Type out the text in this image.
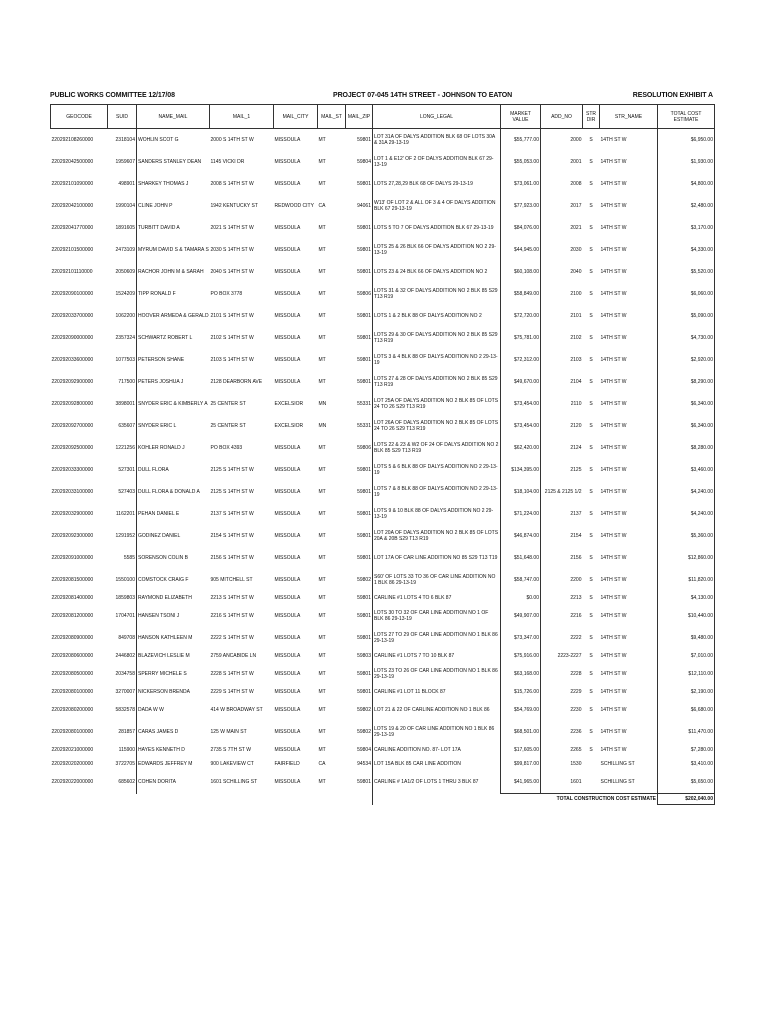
PUBLIC WORKS COMMITTEE 12/17/08	PROJECT 07-045 14TH STREET - JOHNSON TO EATON	RESOLUTION EXHIBIT A
GEOCODE	SUID	NAME_MAIL	MAIL_1	MAIL_CITY	MAIL_ST	MAIL_ZIP	LONG_LEGAL	MARKET VALUE	ADD_NO	STR DIR	STR_NAME	TOTAL COST ESTIMATE
220292108260000	2318104	WOHLIN SCOT G	2000 S 14TH ST W	MISSOULA	MT	59801	LOT 31A OF DALYS ADDITION BLK 68 OF LOTS 30A & 31A 29-13-19	$55,777.00	2000	S	14TH ST W	$6,950.00
220292042500000	1959607	SANDERS STANLEY DEAN	1145 VICKI DR	MISSOULA	MT	59804	LOT 1 & E12' OF 2 OF DALYS ADDITION BLK 67 29-13-19	$55,053.00	2001	S	14TH ST W	$1,930.00
220292101090000	498901	SHARKEY THOMAS J	2008 S 14TH ST W	MISSOULA	MT	59801	LOTS 27,28,29 BLK 68 OF DALYS 29-13-19	$73,061.00	2008	S	14TH ST W	$4,800.00
220292042100000	1990104	CLINE JOHN P	1942 KENTUCKY ST	REDWOOD CITY	CA	94061	W13' OF LOT 2 & ALL OF 3 & 4 OF DALYS ADDITION BLK 67 29-13-19	$77,923.00	2017	S	14TH ST W	$2,480.00
220292041770000	1891605	TURBITT DAVID A	2021 S 14TH ST W	MISSOULA	MT	59801	LOTS 5 TO 7 OF DALYS ADDITION BLK 67 29-13-19	$84,076.00	2021	S	14TH ST W	$3,170.00
220292101500000	2473109	MYRUM DAVID S & TAMARA S	2030 S 14TH ST W	MISSOULA	MT	59801	LOTS 25 & 26 BLK 66 OF DALYS ADDITION NO 2 29-13-19	$44,945.00	2030	S	14TH ST W	$4,330.00
220292101110000	2050609	RACHOR JOHN M & SARAH	2040 S 14TH ST W	MISSOULA	MT	59801	LOTS 23 & 24 BLK 66 OF DALYS ADDITION NO 2	$60,108.00	2040	S	14TH ST W	$5,520.00
220292090100000	1524209	TIPP RONALD F	PO BOX 3778	MISSOULA	MT	59806	LOTS 31 & 32 OF DALYS ADDITION NO 2 BLK 85 S29 T13 R19	$58,849.00	2100	S	14TH ST W	$6,060.00
220292033700000	1062200	HOOVER ARMEDA & GERALD	2101 S 14TH ST W	MISSOULA	MT	59801	LOTS 1 & 2 BLK 88 OF DALYS ADDITION NO 2	$72,720.00	2101	S	14TH ST W	$5,090.00
220292090000000	2357324	SCHWARTZ ROBERT L	2102 S 14TH ST W	MISSOULA	MT	59801	LOTS 29 & 30 OF DALYS ADDITION NO 2 BLK 85 S29 T13 R19	$75,781.00	2102	S	14TH ST W	$4,730.00
220292033600000	1077503	PETERSON SHANE	2103 S 14TH ST W	MISSOULA	MT	59801	LOTS 3 & 4 BLK 88 OF DALYS ADDITION NO 2 29-13-19	$72,312.00	2103	S	14TH ST W	$2,920.00
220292092900000	717500	PETERS JOSHUA J	2128 DEARBORN AVE	MISSOULA	MT	59801	LOTS 27 & 28 OF DALYS ADDITION NO 2 BLK 85 S29 T13 R19	$49,670.00	2104	S	14TH ST W	$8,290.00
220292092800000	3898001	SNYDER ERIC & KIMBERLY A	25 CENTER ST	EXCELSIOR	MN	55331	LOT 25A OF DALYS ADDITION NO 2 BLK 85 OF LOTS 24 TO 26 S29 T13 R19	$73,454.00	2110	S	14TH ST W	$6,340.00
220292092700000	635607	SNYDER ERIC L	25 CENTER ST	EXCELSIOR	MN	55331	LOT 26A OF DALYS ADDITION NO 2 BLK 85 OF LOTS 24 TO 26 S29 T13 R19	$73,454.00	2120	S	14TH ST W	$6,340.00
220292092500000	1221256	KOHLER RONALD J	PO BOX 4393	MISSOULA	MT	59806	LOTS 22 & 23 & W2 OF 24 OF DALYS ADDITION NO 2 BLK 85 S29 T13 R19	$62,420.00	2124	S	14TH ST W	$8,280.00
220292033300000	527301	DULL FLORA	2125 S 14TH ST W	MISSOULA	MT	59801	LOTS 5 & 6 BLK 88 OF DALYS ADDITION NO 2 29-13-19	$134,395.00	2125	S	14TH ST W	$3,460.00
220292033100000	527403	DULL FLORA & DONALD A	2125 S 14TH ST W	MISSOULA	MT	59801	LOTS 7 & 8 BLK 88 OF DALYS ADDITION NO 2 29-13-19	$18,104.00	2125 & 2125 1/2	S	14TH ST W	$4,240.00
220292032900000	1162201	PEHAN DANIEL E	2137 S 14TH ST W	MISSOULA	MT	59801	LOTS 9 & 10 BLK 88 OF DALYS ADDITION NO 2 29-13-19	$71,224.00	2137	S	14TH ST W	$4,240.00
220292092300000	1291952	GODINEZ DANIEL	2154 S 14TH ST W	MISSOULA	MT	59801	LOT 20A OF DALYS ADDITION NO 2 BLK 85 OF LOTS 20A & 20B S29 T13 R19	$46,874.00	2154	S	14TH ST W	$5,360.00
220292091000000	5585	SORENSON COLIN B	2156 S 14TH ST W	MISSOULA	MT	59801	LOT 17A OF CAR LINE ADDITION NO 85 S29 T13 T19	$51,648.00	2156	S	14TH ST W	$12,860.00
220292081500000	1550100	COMSTOCK CRAIG F	905 MITCHELL ST	MISSOULA	MT	59802	S60' OF LOTS 33 TO 36 OF CAR LINE ADDITION NO 1 BLK 86 29-13-19	$58,747.00	2200	S	14TH ST W	$11,820.00
220292081400000	1859803	RAYMOND ELIZABETH	2213 S 14TH ST W	MISSOULA	MT	59801	CARLINE #1 LOTS 4 TO 6 BLK 87	$0.00	2213	S	14TH ST W	$4,130.00
220292081200000	1704701	HANSEN TSONI J	2216 S 14TH ST W	MISSOULA	MT	59801	LOTS 30 TO 32 OF CAR LINE ADDITION NO 1 OF BLK 86 29-13-19	$49,907.00	2216	S	14TH ST W	$10,440.00
220292080900000	849708	HANSON KATHLEEN M	2222 S 14TH ST W	MISSOULA	MT	59801	LOTS 27 TO 29 OF CAR LINE ADDITION NO 1 BLK 86 29-13-19	$73,347.00	2222	S	14TH ST W	$9,480.00
220292080600000	2446802	BLAZEVICH LESLIE M	2759 ANCABIDE LN	MISSOULA	MT	59803	CARLINE #1 LOTS 7 TO 10 BLK 87	$75,916.00	2223-2227	S	14TH ST W	$7,010.00
220292080500000	2034758	SPERRY MICHELE S	2228 S 14TH ST W	MISSOULA	MT	59801	LOTS 23 TO 26 OF CAR LINE ADDITION NO 1 BLK 86 29-13-19	$63,168.00	2228	S	14TH ST W	$12,110.00
220292080100000	3270007	NICKERSON BRENDA	2229 S 14TH ST W	MISSOULA	MT	59801	CARLINE #1 LOT 11 BLOCK 87	$15,726.00	2229	S	14TH ST W	$2,190.00
220292080200000	5832578	DADA W W	414 W BROADWAY ST	MISSOULA	MT	59802	LOT 21 & 22 OF CARLINE ADDITION NO 1 BLK 86	$54,769.00	2230	S	14TH ST W	$6,680.00
220292080100000	281857	CARAS JAMES D	125 W MAIN ST	MISSOULA	MT	59802	LOTS 19 & 20 OF CAR LINE ADDITION NO 1 BLK 86 29-13-19	$68,501.00	2236	S	14TH ST W	$11,470.00
220292021000000	115900	HAYES KENNETH D	2735 S 7TH ST W	MISSOULA	MT	59804	CARLINE ADDITION NO. 87- LOT 17A	$17,605.00	2265	S	14TH ST W	$7,280.00
220292020200000	3722705	EDWARDS JEFFREY M	900 LAKEVIEW CT	FAIRFIELD	CA	94534	LOT 15A BLK 85 CAR LINE ADDITION	$99,817.00	1530		SCHILLING ST	$3,410.00
220292022000000	685602	COHEN DORITA	1601 SCHILLING ST	MISSOULA	MT	59801	CARLINE # 1A1/2 OF LOTS 1 THRU 3 BLK 87	$41,965.00	1601		SCHILLING ST	$5,650.00
								TOTAL CONSTRUCTION COST ESTIMATE				$202,040.00
